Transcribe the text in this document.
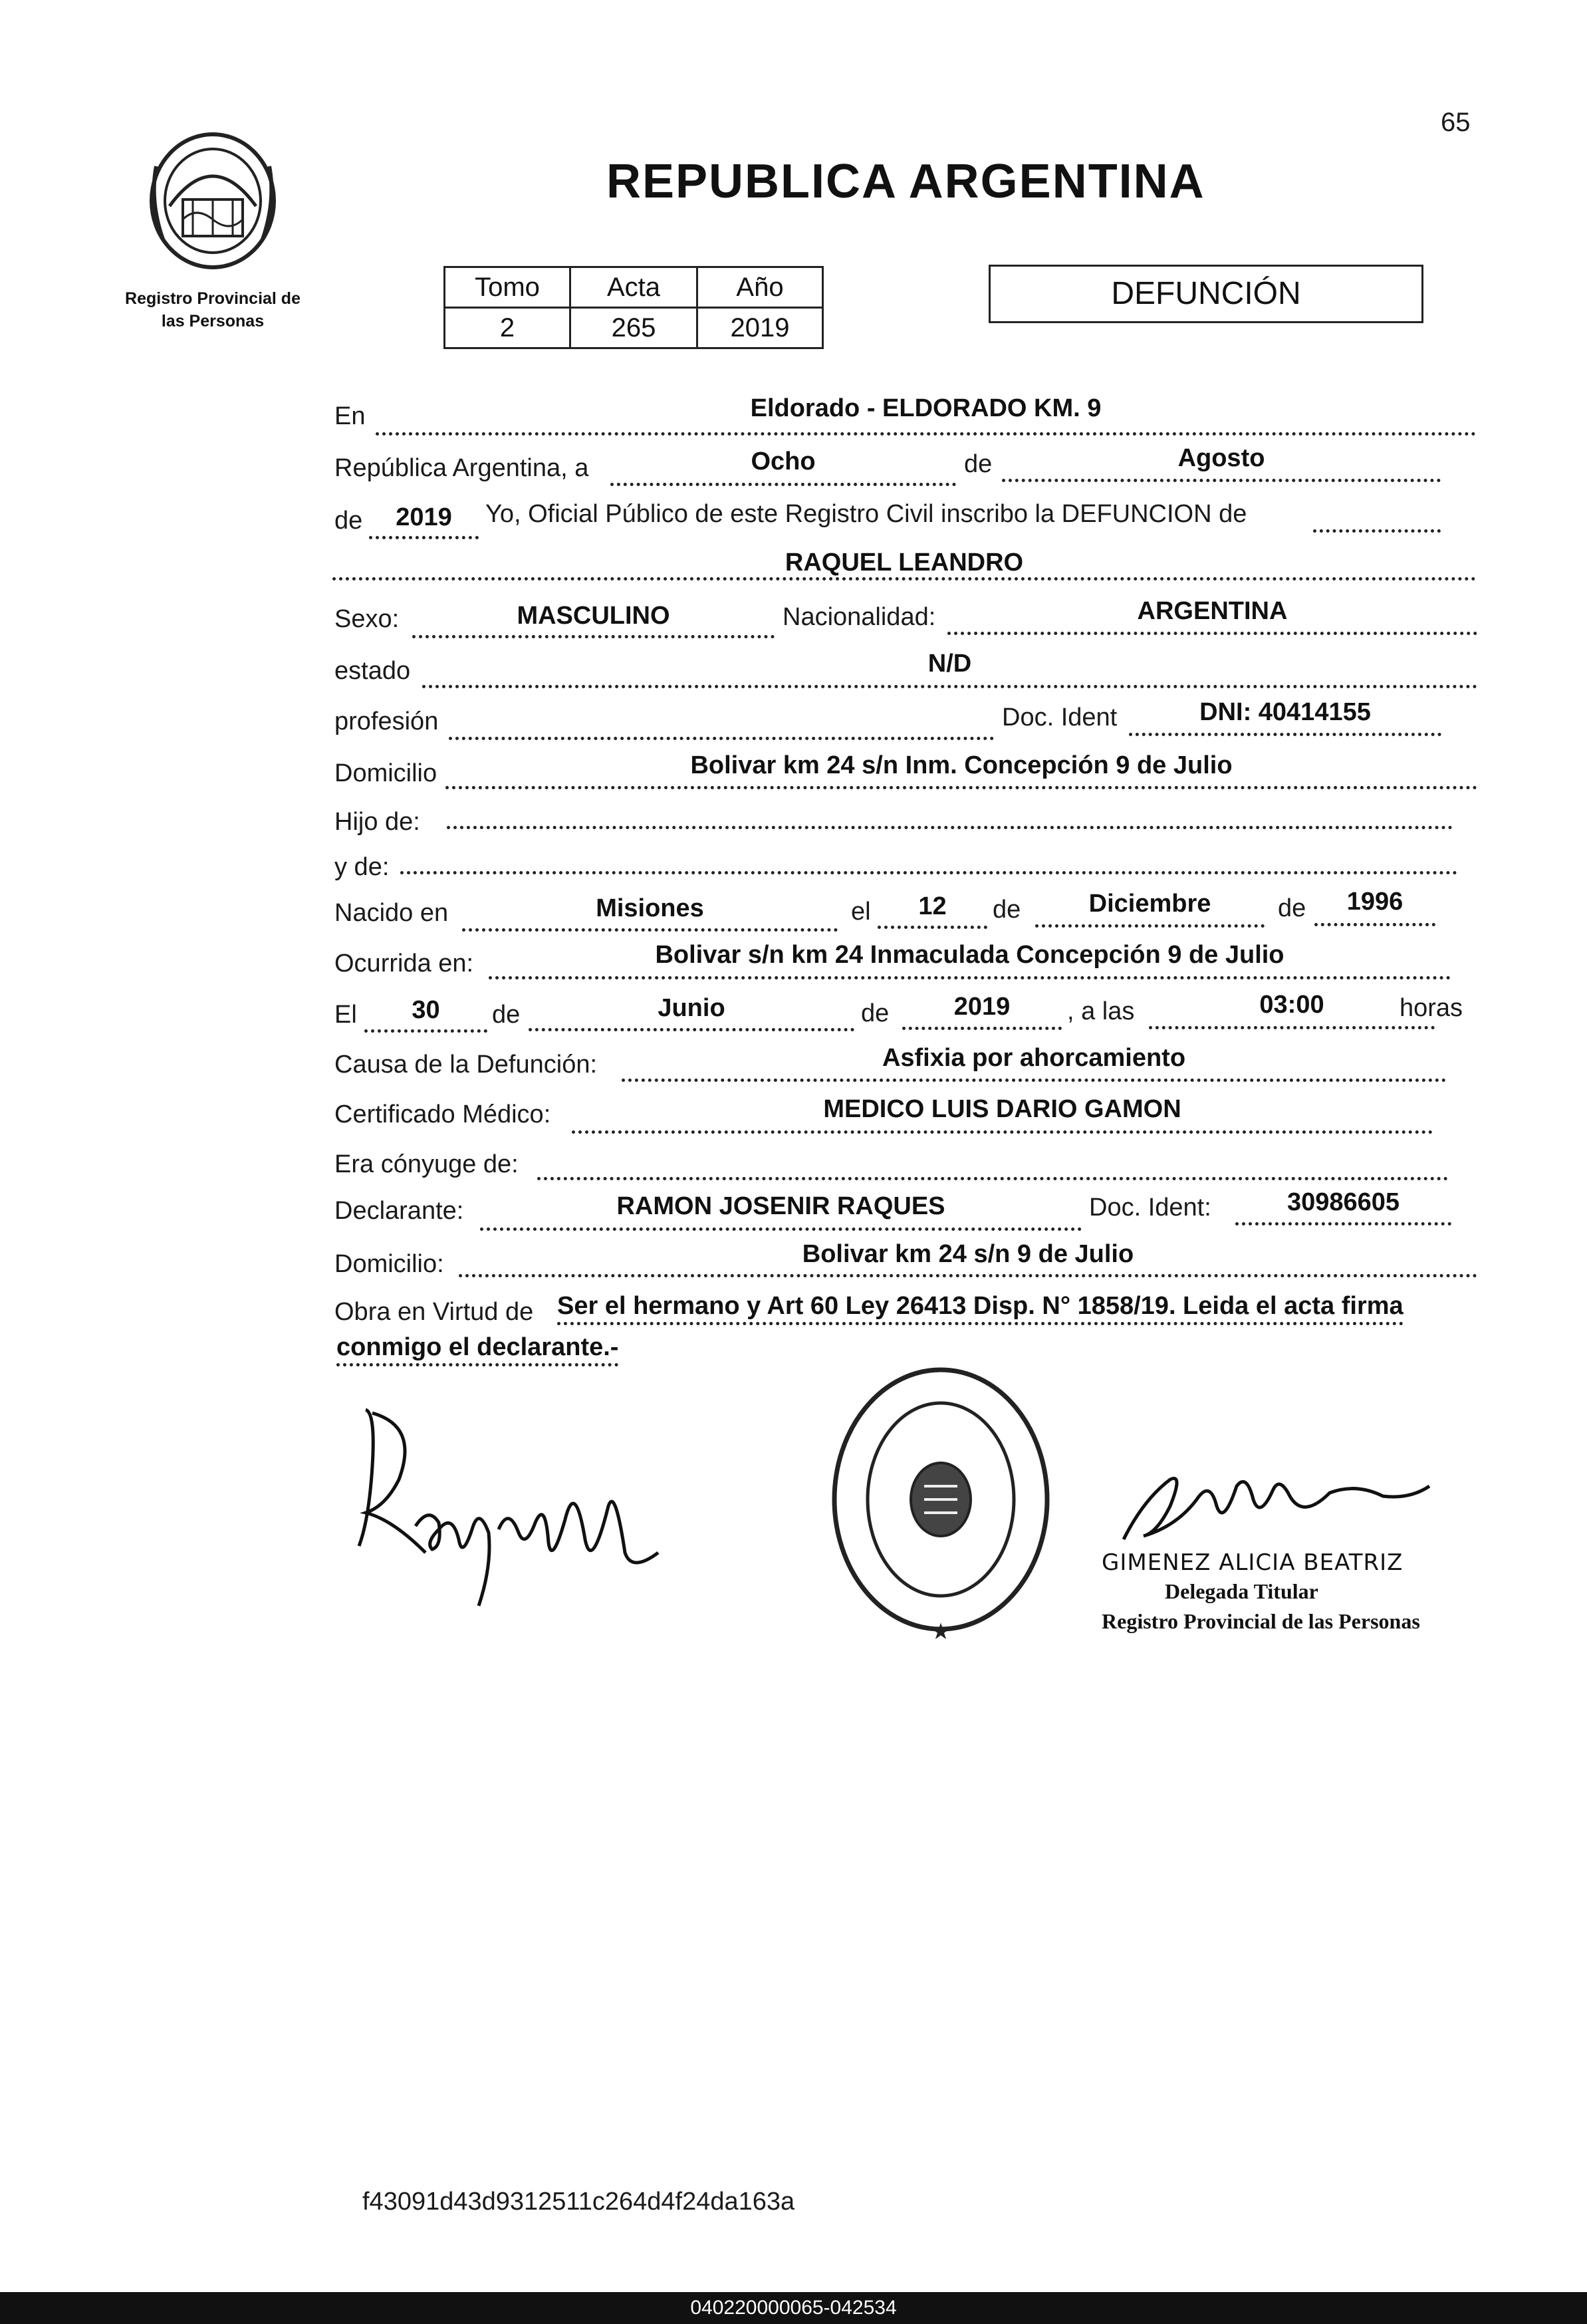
65
Registro Provincial de
las Personas
REPUBLICA ARGENTINA
Tomo	Acta	Año
2	265	2019
DEFUNCIÓN
En	Eldorado - ELDORADO KM. 9
República Argentina, a	Ocho	de	Agosto
de	2019	Yo, Oficial Público de este Registro Civil inscribo la DEFUNCION de
RAQUEL LEANDRO
Sexo:	MASCULINO	Nacionalidad:	ARGENTINA
estado	N/D
profesión	Doc. Ident	DNI: 40414155
Domicilio	Bolivar km 24 s/n Inm. Concepción 9 de Julio
Hijo de:
y de:
Nacido en	Misiones	el	12	de	Diciembre	de	1996
Ocurrida en:	Bolivar s/n km 24 Inmaculada Concepción 9 de Julio
El	30	de	Junio	de	2019	, a las	03:00	horas
Causa de la Defunción:	Asfixia por ahorcamiento
Certificado Médico:	MEDICO LUIS DARIO GAMON
Era cónyuge de:
Declarante:	RAMON JOSENIR RAQUES	Doc. Ident:	30986605
Domicilio:	Bolivar km 24 s/n 9 de Julio
Obra en Virtud de Ser el hermano y Art 60 Ley 26413 Disp. N° 1858/19. Leida el acta firma
conmigo el declarante.-
★
GIMENEZ ALICIA BEATRIZ
Delegada Titular
Registro Provincial de las Personas
f43091d43d9312511c264d4f24da163a
040220000065-042534
